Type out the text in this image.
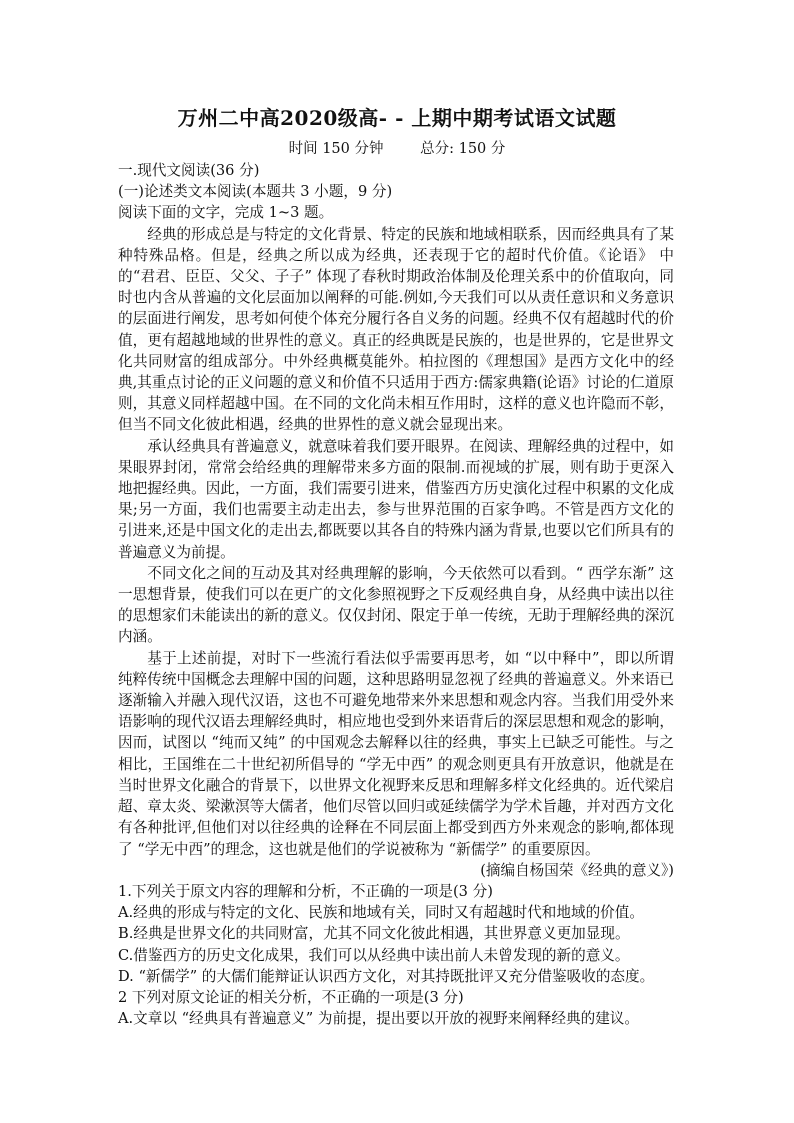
万州二中高2020级高- - 上期中期考试语文试题
时间 150 分钟	总分: 150 分

一.现代文阅读(36 分)

(一)论述类文本阅读(本题共 3 小题，9 分)

阅读下面的文字，完成 1~3 题。

经典的形成总是与特定的文化背景、特定的民族和地域相联系，因而经典具有了某种特殊品格。但是，经典之所以成为经典，还表现于它的超时代价值。《论语》 中的“君君、臣臣、父父、子子” 体现了春秋时期政治体制及伦理关系中的价值取向，同时也内含从普遍的文化层面加以阐释的可能.例如,今天我们可以从责任意识和义务意识的层面进行阐发，思考如何使个体充分履行各自义务的问题。经典不仅有超越时代的价值，更有超越地域的世界性的意义。真正的经典既是民族的，也是世界的，它是世界文化共同财富的组成部分。中外经典概莫能外。柏拉图的《理想国》是西方文化中的经典,其重点讨论的正义问题的意义和价值不只适用于西方:儒家典籍(论语》讨论的仁道原则，其意义同样超越中国。在不同的文化尚未相互作用时，这样的意义也许隐而不彰，但当不同文化彼此相遇，经典的世界性的意义就会显现出来。

承认经典具有普遍意义，就意味着我们要开眼界。在阅读、理解经典的过程中，如果眼界封闭，常常会给经典的理解带来多方面的限制.而视域的扩展，则有助于更深入地把握经典。因此，一方面，我们需要引进来，借鉴西方历史演化过程中积累的文化成果;另一方面，我们也需要主动走出去，参与世界范围的百家争鸣。不管是西方文化的引进来,还是中国文化的走出去,都既要以其各自的特殊内涵为背景,也要以它们所具有的普遍意义为前提。

不同文化之间的互动及其对经典理解的影响，今天依然可以看到。“ 西学东渐” 这一思想背景，使我们可以在更广的文化参照视野之下反观经典自身，从经典中读出以往的思想家们未能读出的新的意义。仅仅封闭、限定于单一传统，无助于理解经典的深沉内涵。

基于上述前提，对时下一些流行看法似乎需要再思考，如 “以中释中”，即以所谓纯粹传统中国概念去理解中国的问题，这种思路明显忽视了经典的普遍意义。外来语已逐渐输入并融入现代汉语，这也不可避免地带来外来思想和观念内容。当我们用受外来语影响的现代汉语去理解经典时，相应地也受到外来语背后的深层思想和观念的影响，因而，试图以 “纯而又纯” 的中国观念去解释以往的经典，事实上已缺乏可能性。与之相比，王国维在二十世纪初所倡导的 “学无中西” 的观念则更具有开放意识，他就是在当时世界文化融合的背景下，以世界文化视野来反思和理解多样文化经典的。近代梁启超、章太炎、梁漱溟等大儒者，他们尽管以回归或延续儒学为学术旨趣，并对西方文化有各种批评,但他们对以往经典的诠释在不同层面上都受到西方外来观念的影响,都体现了 “学无中西”的理念，这也就是他们的学说被称为 “新儒学” 的重要原因。

(摘编自杨国荣《经典的意义》)

1.下列关于原文内容的理解和分析，不正确的一项是(3 分)

A.经典的形成与特定的文化、民族和地域有关，同时又有超越时代和地域的价值。

B.经典是世界文化的共同财富，尤其不同文化彼此相遇，其世界意义更加显现。

C.借鉴西方的历史文化成果，我们可以从经典中读出前人未曾发现的新的意义。

D. “新儒学” 的大儒们能辩证认识西方文化，对其持既批评又充分借鉴吸收的态度。

2 下列对原文论证的相关分析，不正确的一项是(3 分)

A.文章以 “经典具有普遍意义” 为前提，提出要以开放的视野来阐释经典的建议。
